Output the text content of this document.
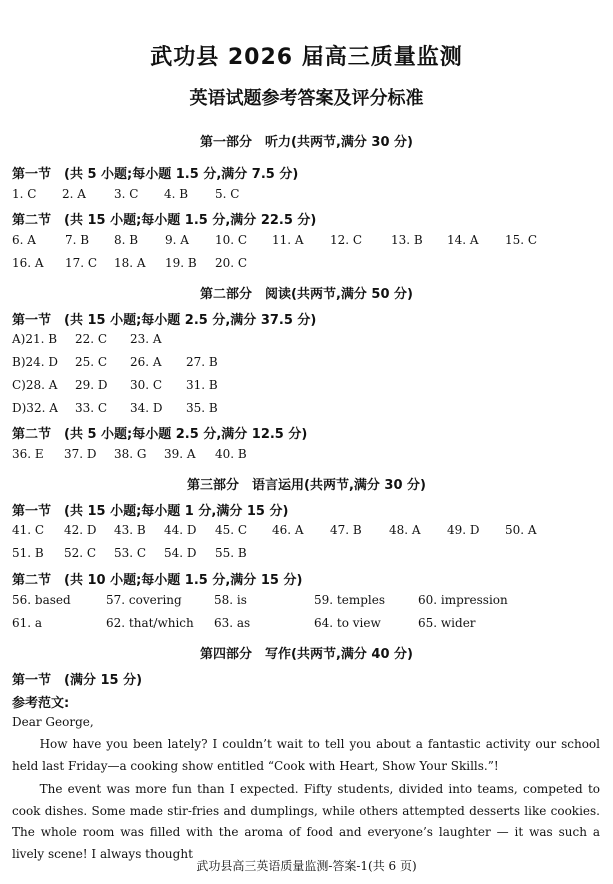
武功县 2026 届高三质量监测
英语试题参考答案及评分标准
第一部分　听力(共两节,满分 30 分)
第一节　(共 5 小题;每小题 1.5 分,满分 7.5 分)
1. C 2. A 3. C 4. B 5. C
第二节　(共 15 小题;每小题 1.5 分,满分 22.5 分)
6. A 7. B 8. B 9. A 10. C 11. A 12. C 13. B 14. A 15. C
16. A 17. C 18. A 19. B 20. C
第二部分　阅读(共两节,满分 50 分)
第一节　(共 15 小题;每小题 2.5 分,满分 37.5 分)
A)21. B 22. C 23. A
B)24. D 25. C 26. A 27. B
C)28. A 29. D 30. C 31. B
D)32. A 33. C 34. D 35. B
第二节　(共 5 小题;每小题 2.5 分,满分 12.5 分)
36. E 37. D 38. G 39. A 40. B
第三部分　语言运用(共两节,满分 30 分)
第一节　(共 15 小题;每小题 1 分,满分 15 分)
41. C 42. D 43. B 44. D 45. C 46. A 47. B 48. A 49. D 50. A
51. B 52. C 53. C 54. D 55. B
第二节　(共 10 小题;每小题 1.5 分,满分 15 分)
56. based	57. covering	58. is	59. temples	60. impression
61. a	62. that/which 63. as	64. to view	65. wider
第四部分　写作(共两节,满分 40 分)
第一节　(满分 15 分)
参考范文:
Dear George,
How have you been lately? I couldn’t wait to tell you about a fantastic activity our school held last Friday—a cooking show entitled “Cook with Heart, Show Your Skills.”!
The event was more fun than I expected. Fifty students, divided into teams, competed to cook dishes. Some made stir-fries and dumplings, while others attempted desserts like cookies. The whole room was filled with the aroma of food and everyone’s laughter — it was such a lively scene! I always thought
武功县高三英语质量监测-答案-1(共 6 页)
